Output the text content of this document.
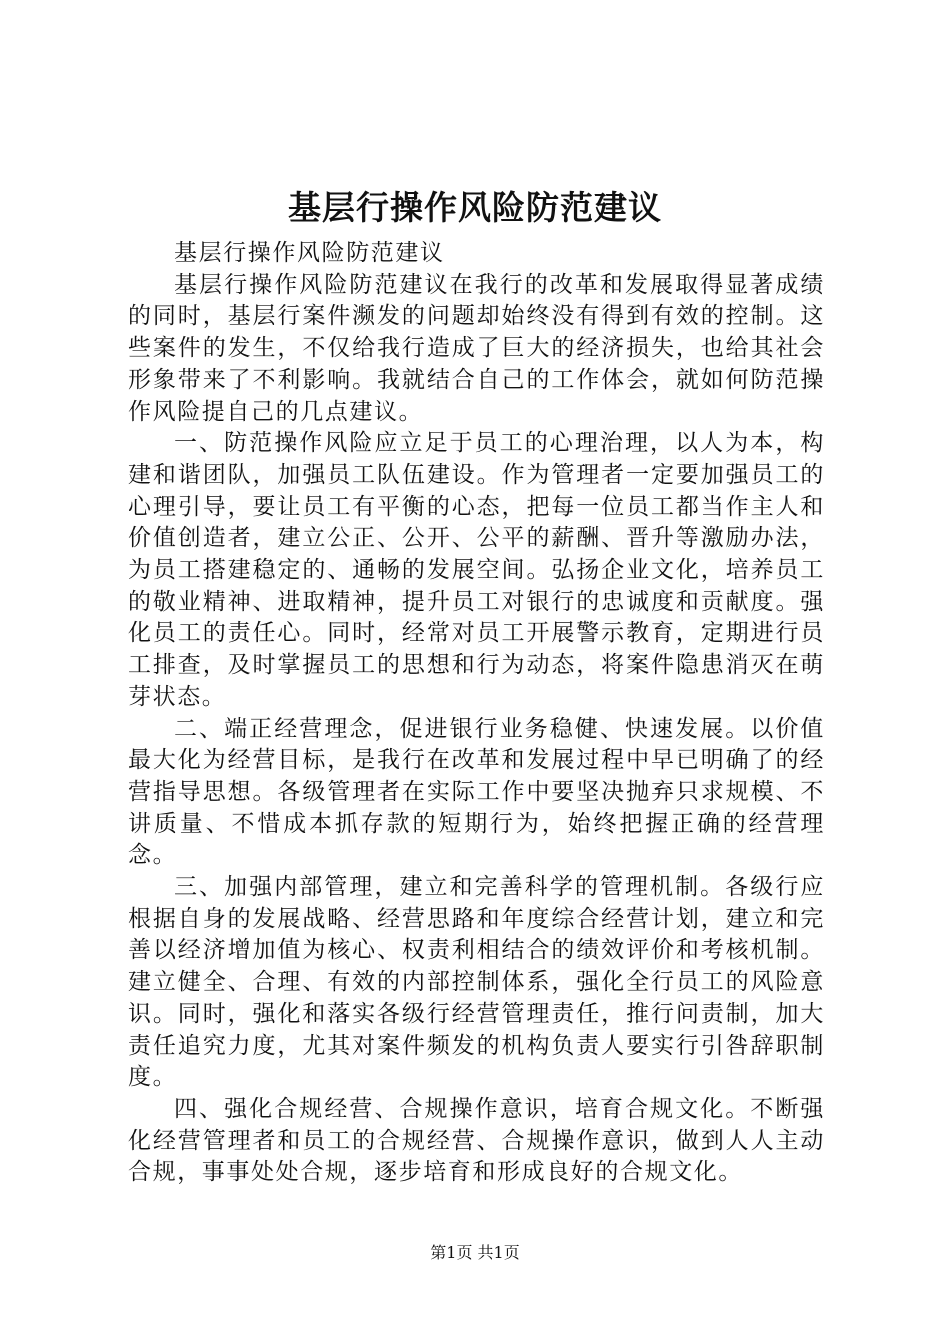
基层行操作风险防范建议

基层行操作风险防范建议

基层行操作风险防范建议在我行的改革和发展取得显著成绩的同时，基层行案件濒发的问题却始终没有得到有效的控制。这些案件的发生，不仅给我行造成了巨大的经济损失，也给其社会形象带来了不利影响。我就结合自己的工作体会，就如何防范操作风险提自己的几点建议。

一、防范操作风险应立足于员工的心理治理，以人为本，构建和谐团队，加强员工队伍建设。作为管理者一定要加强员工的心理引导，要让员工有平衡的心态，把每一位员工都当作主人和价值创造者，建立公正、公开、公平的薪酬、晋升等激励办法，为员工搭建稳定的、通畅的发展空间。弘扬企业文化，培养员工的敬业精神、进取精神，提升员工对银行的忠诚度和贡献度。强化员工的责任心。同时，经常对员工开展警示教育，定期进行员工排查，及时掌握员工的思想和行为动态，将案件隐患消灭在萌芽状态。

二、端正经营理念，促进银行业务稳健、快速发展。以价值最大化为经营目标，是我行在改革和发展过程中早已明确了的经营指导思想。各级管理者在实际工作中要坚决抛弃只求规模、不讲质量、不惜成本抓存款的短期行为，始终把握正确的经营理念。

三、加强内部管理，建立和完善科学的管理机制。各级行应根据自身的发展战略、经营思路和年度综合经营计划，建立和完善以经济增加值为核心、权责利相结合的绩效评价和考核机制。建立健全、合理、有效的内部控制体系，强化全行员工的风险意识。同时，强化和落实各级行经营管理责任，推行问责制，加大责任追究力度，尤其对案件频发的机构负责人要实行引咎辞职制度。

四、强化合规经营、合规操作意识，培育合规文化。不断强化经营管理者和员工的合规经营、合规操作意识，做到人人主动合规，事事处处合规，逐步培育和形成良好的合规文化。

第1页 共1页
